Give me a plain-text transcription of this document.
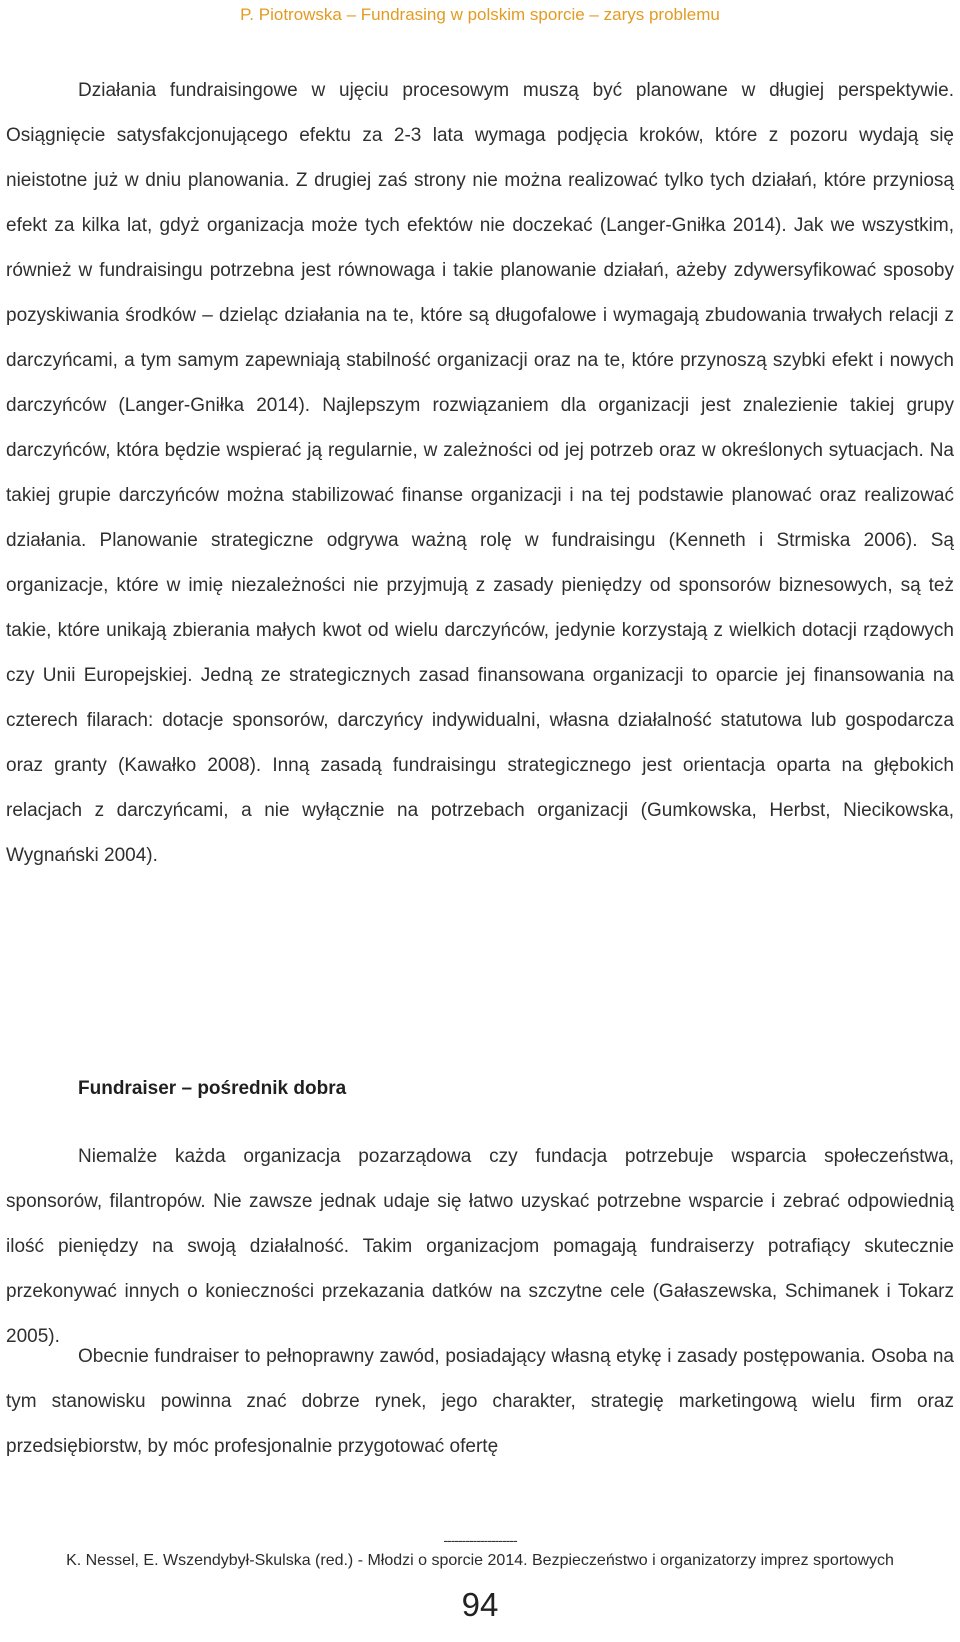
P. Piotrowska – Fundrasing w polskim sporcie – zarys problemu

Działania fundraisingowe w ujęciu procesowym muszą być planowane w długiej perspektywie. Osiągnięcie satysfakcjonującego efektu za 2-3 lata wymaga podjęcia kroków, które z pozoru wydają się nieistotne już w dniu planowania. Z drugiej zaś strony nie można realizować tylko tych działań, które przyniosą efekt za kilka lat, gdyż organizacja może tych efektów nie doczekać (Langer-Gniłka 2014). Jak we wszystkim, również w fundraisingu potrzebna jest równowaga i takie planowanie działań, ażeby zdywersyfikować sposoby pozyskiwania środków – dzieląc działania na te, które są długofalowe i wymagają zbudowania trwałych relacji z darczyńcami, a tym samym zapewniają stabilność organizacji oraz na te, które przynoszą szybki efekt i nowych darczyńców (Langer-Gniłka 2014). Najlepszym rozwiązaniem dla organizacji jest znalezienie takiej grupy darczyńców, która będzie wspierać ją regularnie, w zależności od jej potrzeb oraz w określonych sytuacjach. Na takiej grupie darczyńców można stabilizować finanse organizacji i na tej podstawie planować oraz realizować działania. Planowanie strategiczne odgrywa ważną rolę w fundraisingu (Kenneth i Strmiska 2006). Są organizacje, które w imię niezależności nie przyjmują z zasady pieniędzy od sponsorów biznesowych, są też takie, które unikają zbierania małych kwot od wielu darczyńców, jedynie korzystają z wielkich dotacji rządowych czy Unii Europejskiej. Jedną ze strategicznych zasad finansowana organizacji to oparcie jej finansowania na czterech filarach: dotacje sponsorów, darczyńcy indywidualni, własna działalność statutowa lub gospodarcza oraz granty (Kawałko 2008). Inną zasadą fundraisingu strategicznego jest orientacja oparta na głębokich relacjach z darczyńcami, a nie wyłącznie na potrzebach organizacji (Gumkowska, Herbst, Niecikowska, Wygnański 2004).

Fundraiser – pośrednik dobra

Niemalże każda organizacja pozarządowa czy fundacja potrzebuje wsparcia społeczeństwa, sponsorów, filantropów. Nie zawsze jednak udaje się łatwo uzyskać potrzebne wsparcie i zebrać odpowiednią ilość pieniędzy na swoją działalność. Takim organizacjom pomagają fundraiserzy potrafiący skutecznie przekonywać innych o konieczności przekazania datków na szczytne cele (Gałaszewska, Schimanek i Tokarz 2005).

Obecnie fundraiser to pełnoprawny zawód, posiadający własną etykę i zasady postępowania. Osoba na tym stanowisku powinna znać dobrze rynek, jego charakter, strategię marketingową wielu firm oraz przedsiębiorstw, by móc profesjonalnie przygotować ofertę

--------------------
K. Nessel, E. Wszendybył-Skulska (red.) - Młodzi o sporcie 2014. Bezpieczeństwo i organizatorzy imprez sportowych
94
